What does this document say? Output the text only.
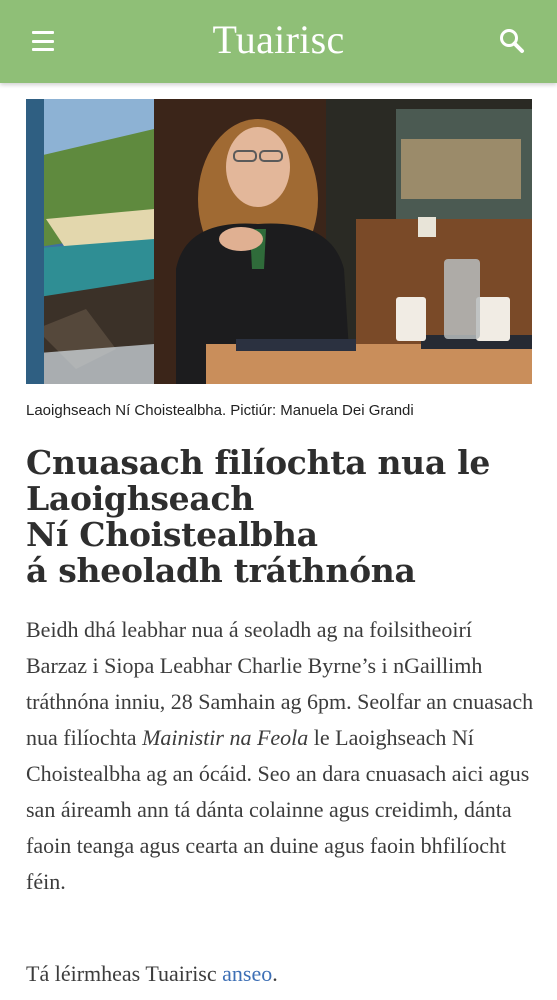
Tuairisc
Laoighseach Ní Choistealbha. Pictiúr: Manuela Dei Grandi
Cnuasach filíochta nua le Laoighseach
Ní Choistealbha
á sheoladh tráthnóna

Beidh dhá leabhar nua á seoladh ag na foilsitheoirí Barzaz i Siopa Leabhar Charlie Byrne’s i nGaillimh tráthnóna inniu, 28 Samhain ag 6pm. Seolfar an cnuasach nua filíochta Mainistir na Feola le Laoighseach Ní Choistealbha ag an ócáid. Seo an dara cnuasach aici agus san áireamh ann tá dánta colainne agus creidimh, dánta faoin teanga agus cearta an duine agus faoin bhfilíocht féin.

Tá léirmheas Tuairisc anseo.
